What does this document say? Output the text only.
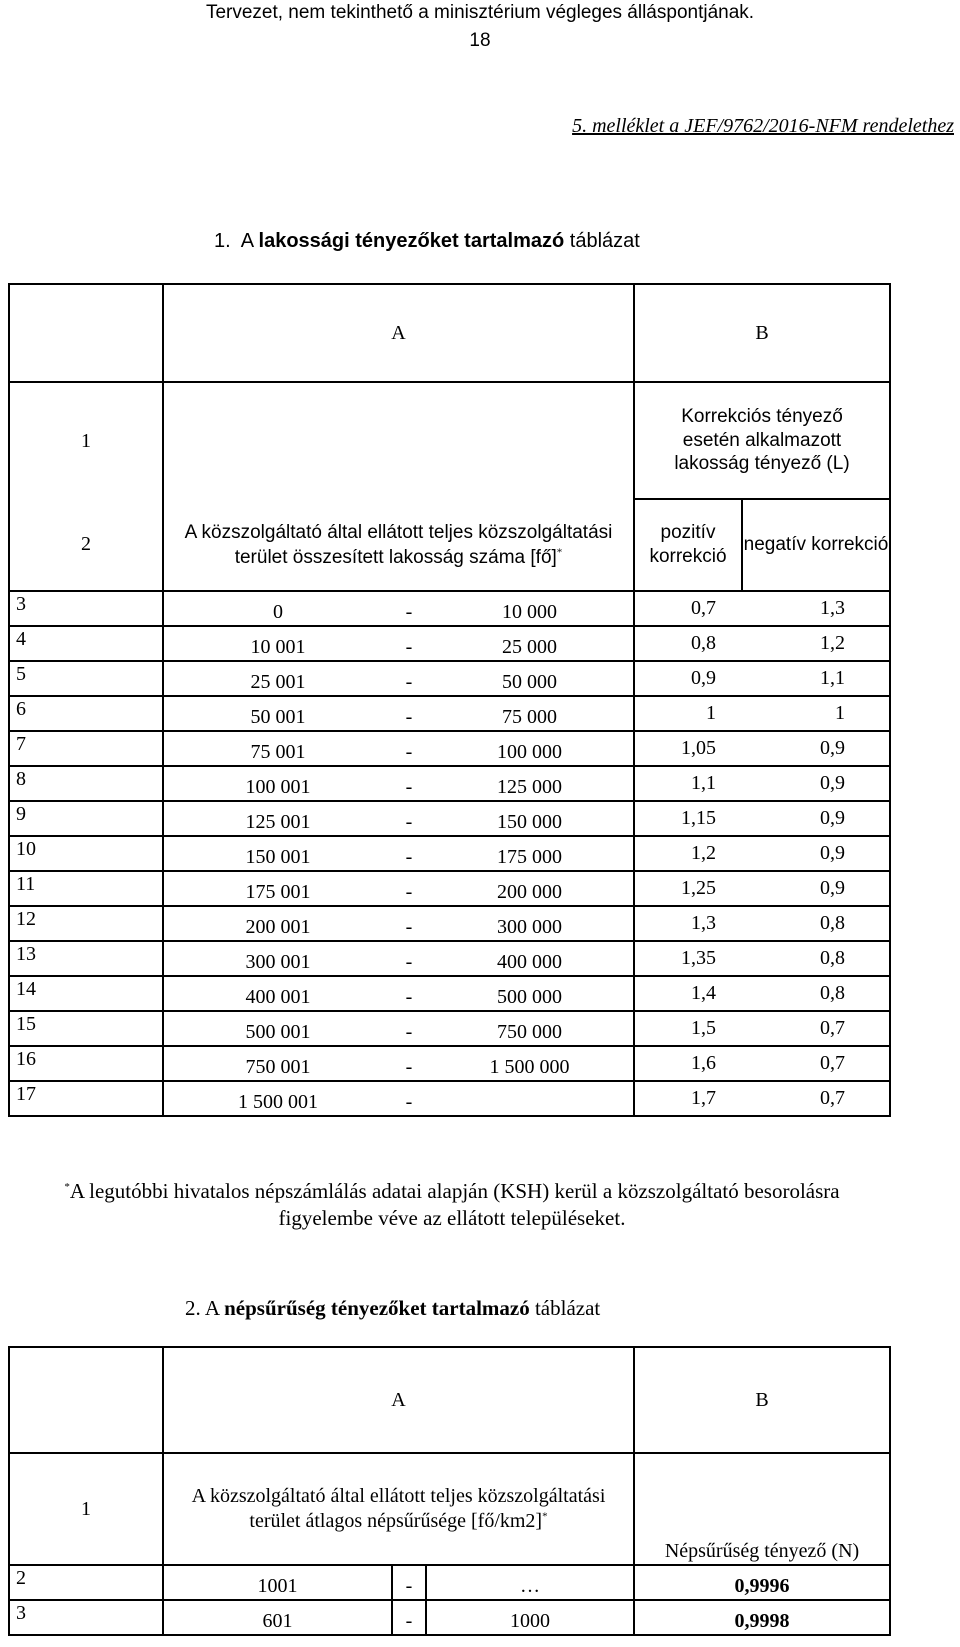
Tervezet, nem tekinthető a minisztérium végleges álláspontjának.
18
5. melléklet a JEF/9762/2016-NFM rendelethez
1. A lakossági tényezőket tartalmazó táblázat
	A			B	
1				Korrekciós tényező esetén alkalmazott lakosság tényező (L)	
2	A közszolgáltató által ellátott teljes közszolgáltatási terület összesített lakosság száma [fő]*			pozitív korrekció	negatív korrekció
3	0	-	10 000	0,7	1,3
4	10 001	-	25 000	0,8	1,2
5	25 001	-	50 000	0,9	1,1
6	50 001	-	75 000	1	1
7	75 001	-	100 000	1,05	0,9
8	100 001	-	125 000	1,1	0,9
9	125 001	-	150 000	1,15	0,9
10	150 001	-	175 000	1,2	0,9
11	175 001	-	200 000	1,25	0,9
12	200 001	-	300 000	1,3	0,8
13	300 001	-	400 000	1,35	0,8
14	400 001	-	500 000	1,4	0,8
15	500 001	-	750 000	1,5	0,7
16	750 001	-	1 500 000	1,6	0,7
17	1 500 001	-		1,7	0,7
*A legutóbbi hivatalos népszámlálás adatai alapján (KSH) kerül a közszolgáltató besorolásra figyelembe véve az ellátott településeket.
2. A népsűrűség tényezőket tartalmazó táblázat
	A			B
1	A közszolgáltató által ellátott teljes közszolgáltatási terület átlagos népsűrűsége [fő/km2]*			Népsűrűség tényező (N)
2	1001	-	…	0,9996
3	601	-	1000	0,9998
